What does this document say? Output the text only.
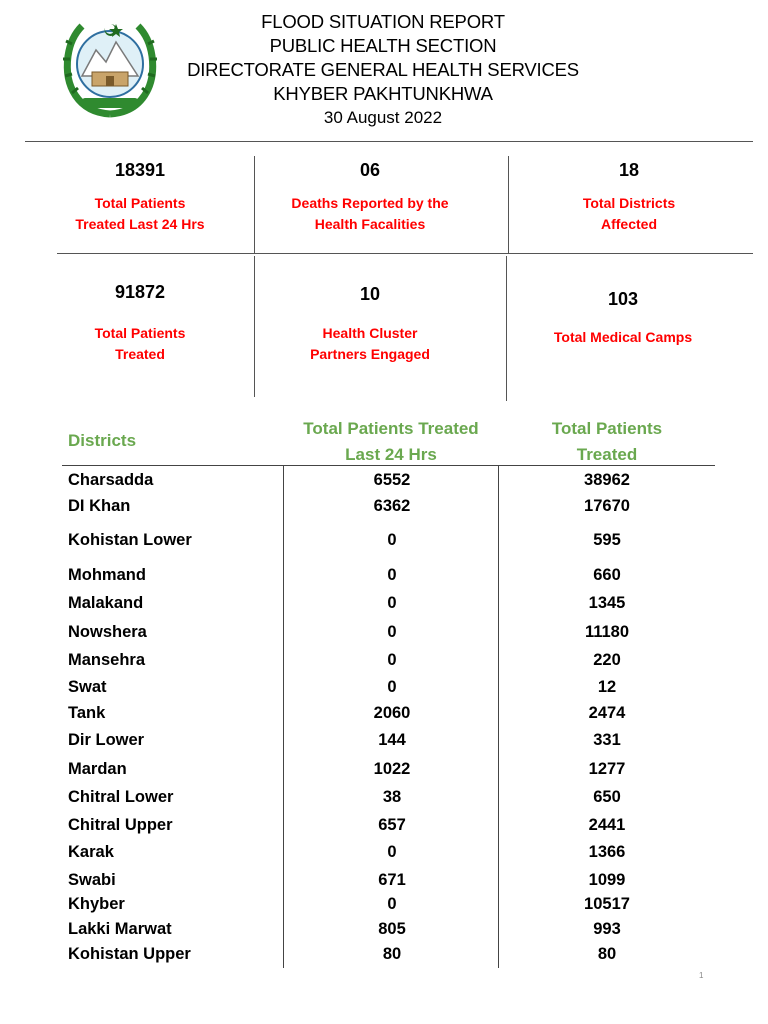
FLOOD SITUATION REPORT
PUBLIC HEALTH SECTION
DIRECTORATE GENERAL HEALTH SERVICES
KHYBER PAKHTUNKHWA
30 August 2022
18391
Total Patients
Treated Last 24 Hrs
06
Deaths Reported by the
Health Facalities
18
Total Districts
Affected
91872
Total Patients
Treated
10
Health Cluster
Partners Engaged
103
Total Medical Camps
Districts
Total Patients Treated
Last 24 Hrs
Total Patients
Treated
Charsadda	6552	38962
DI Khan	6362	17670
Kohistan Lower	0	595
Mohmand	0	660
Malakand	0	1345
Nowshera	0	11180
Mansehra	0	220
Swat	0	12
Tank	2060	2474
Dir Lower	144	331
Mardan	1022	1277
Chitral Lower	38	650
Chitral Upper	657	2441
Karak	0	1366
Swabi	671	1099
Khyber	0	10517
Lakki Marwat	805	993
Kohistan Upper	80	80
1
